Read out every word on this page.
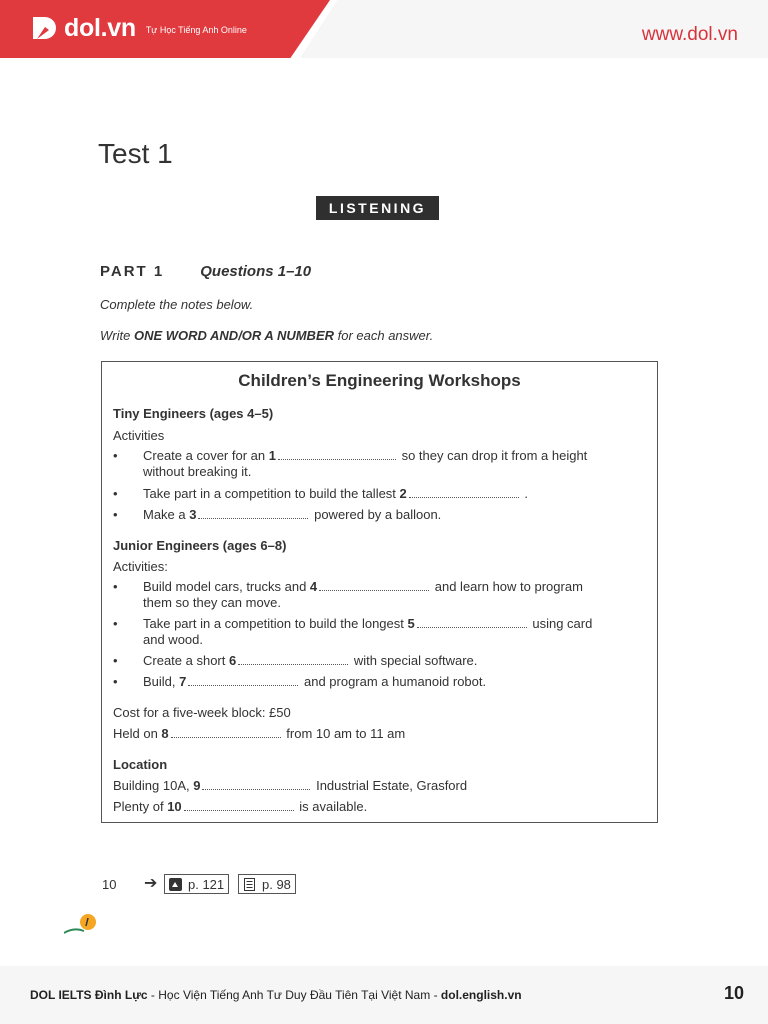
dol.vn Tự Học Tiếng Anh Online	www.dol.vn
Test 1
LISTENING
PART 1 Questions 1–10
Complete the notes below.
Write ONE WORD AND/OR A NUMBER for each answer.
Children’s Engineering Workshops
Tiny Engineers (ages 4–5)
Activities
• Create a cover for an 1	so they can drop it from a height
without breaking it.
• Take part in a competition to build the tallest 2	.
• Make a 3	powered by a balloon.
Junior Engineers (ages 6–8)
Activities:
• Build model cars, trucks and 4	and learn how to program
them so they can move.
• Take part in a competition to build the longest 5	using card
and wood.
• Create a short 6	with special software.
• Build, 7	and program a humanoid robot.
Cost for a five-week block: £50
Held on 8	from 10 am to 11 am
Location
Building 10A, 9	Industrial Estate, Grasford
Plenty of 10	is available.
10 ➔ p. 121	p. 98
DOL IELTS Đình Lực - Học Viện Tiếng Anh Tư Duy Đầu Tiên Tại Việt Nam - dol.english.vn	10
